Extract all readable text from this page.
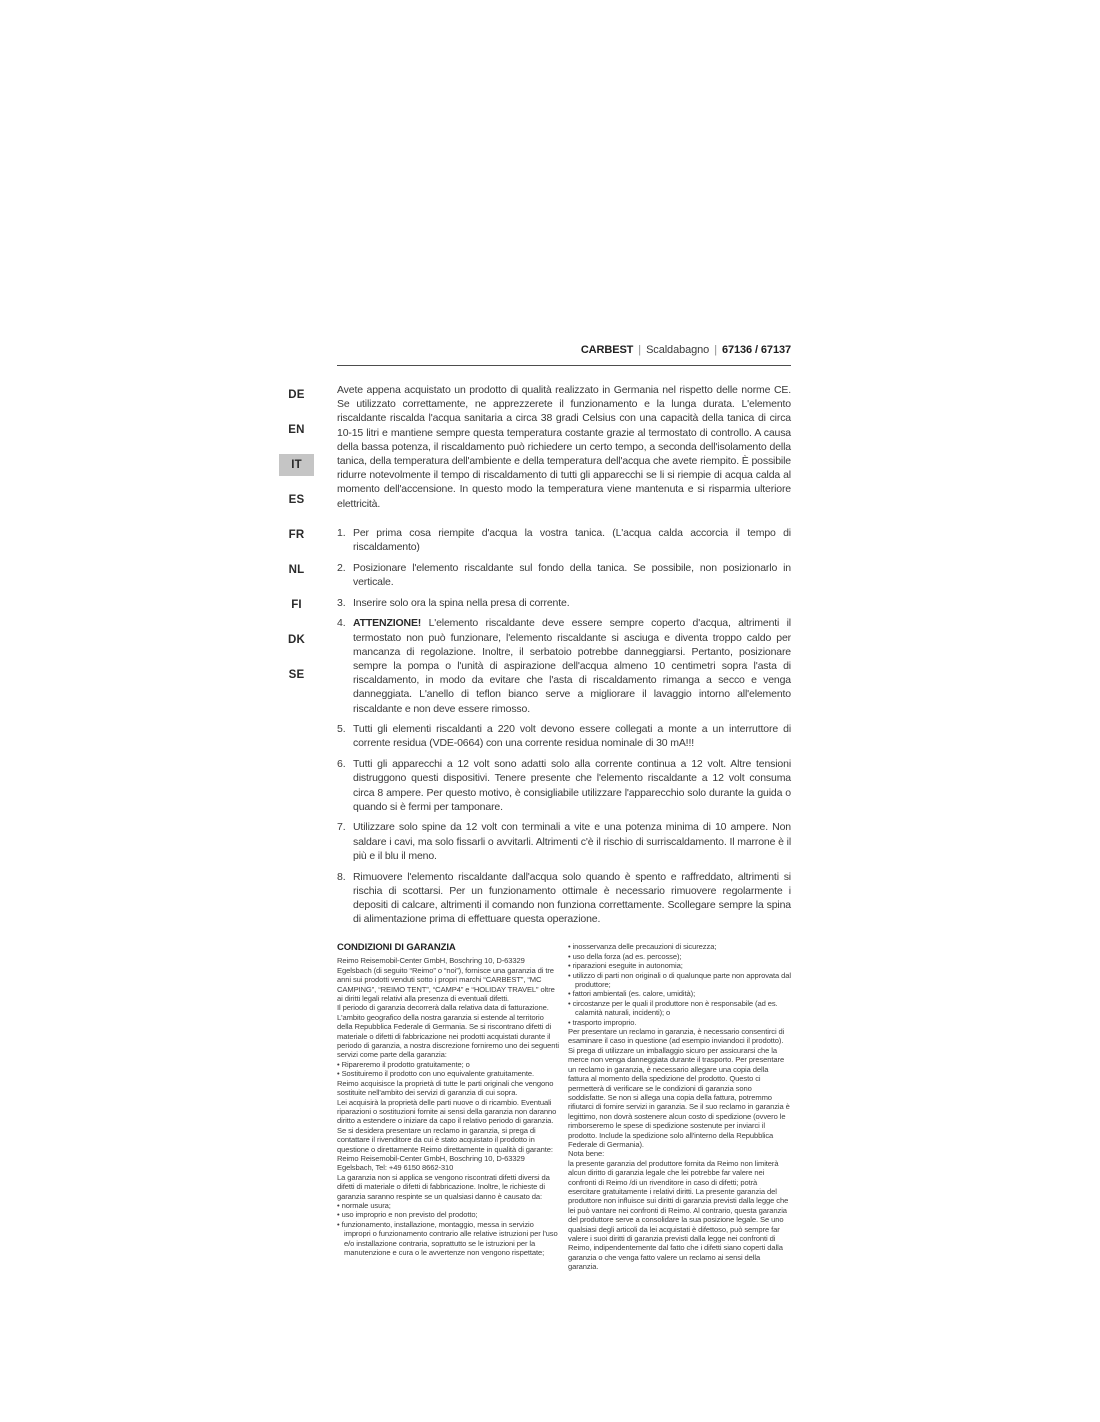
CARBEST | Scaldabagno | 67136 / 67137
DE
EN
IT
ES
FR
NL
FI
DK
SE

Avete appena acquistato un prodotto di qualità realizzato in Germania nel rispetto delle norme CE. Se utilizzato correttamente, ne apprezzerete il funzionamento e la lunga durata. L'elemento riscaldante riscalda l'acqua sanitaria a circa 38 gradi Celsius con una capacità della tanica di circa 10-15 litri e mantiene sempre questa temperatura costante grazie al termostato di controllo. A causa della bassa potenza, il riscaldamento può richiedere un certo tempo, a seconda dell'isolamento della tanica, della temperatura dell'ambiente e della temperatura dell'acqua che avete riempito. È possibile ridurre notevolmente il tempo di riscaldamento di tutti gli apparecchi se li si riempie di acqua calda al momento dell'accensione. In questo modo la temperatura viene mantenuta e si risparmia ulteriore elettricità.

1. Per prima cosa riempite d'acqua la vostra tanica. (L'acqua calda accorcia il tempo di riscaldamento)
2. Posizionare l'elemento riscaldante sul fondo della tanica. Se possibile, non posizionarlo in verticale.
3. Inserire solo ora la spina nella presa di corrente.
4. ATTENZIONE! L'elemento riscaldante deve essere sempre coperto d'acqua, altrimenti il termostato non può funzionare, l'elemento riscaldante si asciuga e diventa troppo caldo per mancanza di regolazione. Inoltre, il serbatoio potrebbe danneggiarsi. Pertanto, posizionare sempre la pompa o l'unità di aspirazione dell'acqua almeno 10 centimetri sopra l'asta di riscaldamento, in modo da evitare che l'asta di riscaldamento rimanga a secco e venga danneggiata. L'anello di teflon bianco serve a migliorare il lavaggio intorno all'elemento riscaldante e non deve essere rimosso.
5. Tutti gli elementi riscaldanti a 220 volt devono essere collegati a monte a un interruttore di corrente residua (VDE-0664) con una corrente residua nominale di 30 mA!!!
6. Tutti gli apparecchi a 12 volt sono adatti solo alla corrente continua a 12 volt. Altre tensioni distruggono questi dispositivi. Tenere presente che l'elemento riscaldante a 12 volt consuma circa 8 ampere. Per questo motivo, è consigliabile utilizzare l'apparecchio solo durante la guida o quando si è fermi per tamponare.
7. Utilizzare solo spine da 12 volt con terminali a vite e una potenza minima di 10 ampere. Non saldare i cavi, ma solo fissarli o avvitarli. Altrimenti c'è il rischio di surriscaldamento. Il marrone è il più e il blu il meno.
8. Rimuovere l'elemento riscaldante dall'acqua solo quando è spento e raffreddato, altrimenti si rischia di scottarsi. Per un funzionamento ottimale è necessario rimuovere regolarmente i depositi di calcare, altrimenti il comando non funziona correttamente. Scollegare sempre la spina di alimentazione prima di effettuare questa operazione.
CONDIZIONI DI GARANZIA

Reimo Reisemobil-Center GmbH, Boschring 10, D-63329 Egelsbach (di seguito “Reimo” o “noi”), fornisce una garanzia di tre anni sui prodotti venduti sotto i propri marchi “CARBEST”, “MC CAMPING”, “REIMO TENT”, “CAMP4” e “HOLIDAY TRAVEL” oltre ai diritti legali relativi alla presenza di eventuali difetti.

Il periodo di garanzia decorrerà dalla relativa data di fatturazione. L'ambito geografico della nostra garanzia si estende al territorio della Repubblica Federale di Germania. Se si riscontrano difetti di materiale o difetti di fabbricazione nei prodotti acquistati durante il periodo di garanzia, a nostra discrezione forniremo uno dei seguenti servizi come parte della garanzia:

• Ripareremo il prodotto gratuitamente; o

• Sostituiremo il prodotto con uno equivalente gratuitamente.

Reimo acquisisce la proprietà di tutte le parti originali che vengono sostituite nell'ambito dei servizi di garanzia di cui sopra.

Lei acquisirà la proprietà delle parti nuove o di ricambio. Eventuali riparazioni o sostituzioni fornite ai sensi della garanzia non daranno diritto a estendere o iniziare da capo il relativo periodo di garanzia. Se si desidera presentare un reclamo in garanzia, si prega di contattare il rivenditore da cui è stato acquistato il prodotto in questione o direttamente Reimo direttamente in qualità di garante:

Reimo Reisemobil-Center GmbH, Boschring 10, D-63329 Egelsbach, Tel: +49 6150 8662-310

La garanzia non si applica se vengono riscontrati difetti diversi da difetti di materiale o difetti di fabbricazione. Inoltre, le richieste di garanzia saranno respinte se un qualsiasi danno è causato da:

• normale usura;

• uso improprio e non previsto del prodotto;

• funzionamento, installazione, montaggio, messa in servizio impropri o funzionamento contrario alle relative istruzioni per l'uso e/o installazione contraria, soprattutto se le istruzioni per la manutenzione e cura o le avvertenze non vengono rispettate;

• inosservanza delle precauzioni di sicurezza;

• uso della forza (ad es. percosse);

• riparazioni eseguite in autonomia;

• utilizzo di parti non originali o di qualunque parte non approvata dal produttore;

• fattori ambientali (es. calore, umidità);

• circostanze per le quali il produttore non è responsabile (ad es. calamità naturali, incidenti); o

• trasporto improprio.

Per presentare un reclamo in garanzia, è necessario consentirci di esaminare il caso in questione (ad esempio inviandoci il prodotto). Si prega di utilizzare un imballaggio sicuro per assicurarsi che la merce non venga danneggiata durante il trasporto. Per presentare un reclamo in garanzia, è necessario allegare una copia della fattura al momento della spedizione del prodotto. Questo ci permetterà di verificare se le condizioni di garanzia sono soddisfatte. Se non si allega una copia della fattura, potremmo rifiutarci di fornire servizi in garanzia. Se il suo reclamo in garanzia è legittimo, non dovrà sostenere alcun costo di spedizione (ovvero le rimborseremo le spese di spedizione sostenute per inviarci il prodotto. Include la spedizione solo all'interno della Repubblica Federale di Germania).

Nota bene:

la presente garanzia del produttore fornita da Reimo non limiterà alcun diritto di garanzia legale che lei potrebbe far valere nei confronti di Reimo /di un rivenditore in caso di difetti; potrà esercitare gratuitamente i relativi diritti. La presente garanzia del produttore non influisce sui diritti di garanzia previsti dalla legge che lei può vantare nei confronti di Reimo. Al contrario, questa garanzia del produttore serve a consolidare la sua posizione legale. Se uno qualsiasi degli articoli da lei acquistati è difettoso, può sempre far valere i suoi diritti di garanzia previsti dalla legge nei confronti di Reimo, indipendentemente dal fatto che i difetti siano coperti dalla garanzia o che venga fatto valere un reclamo ai sensi della garanzia.
